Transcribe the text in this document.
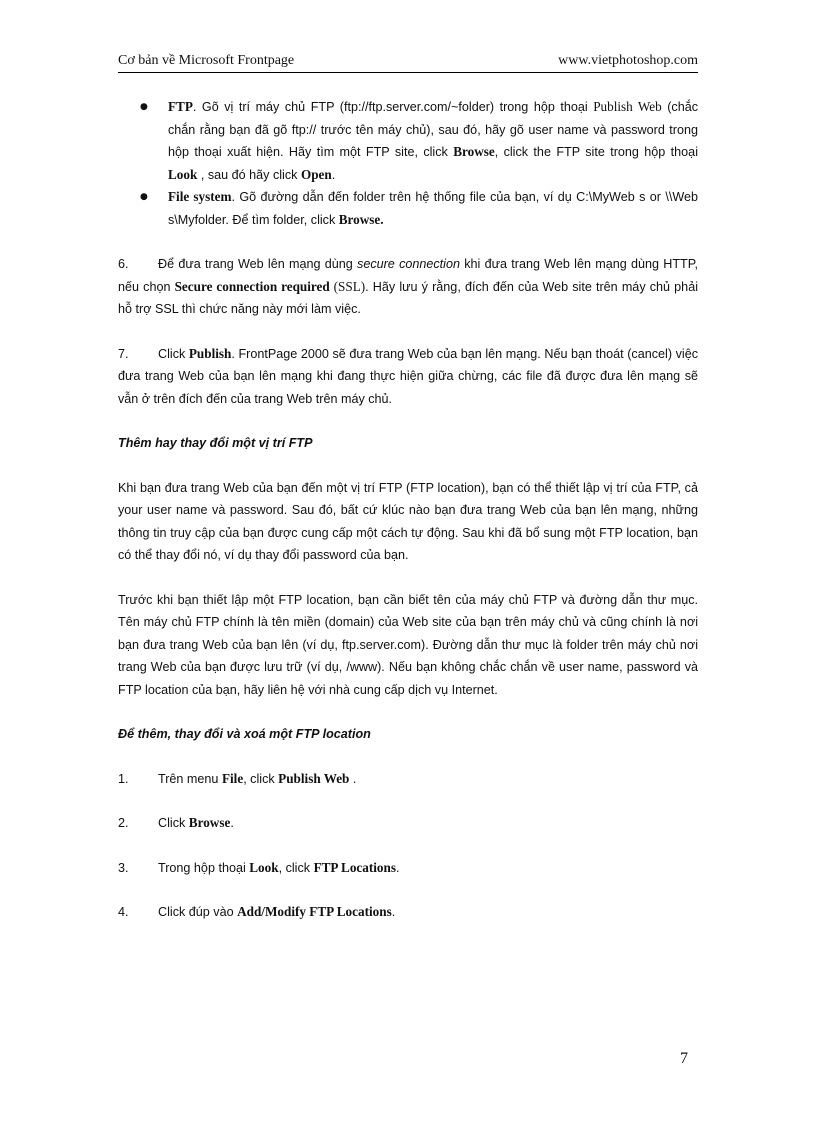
Cơ bản về Microsoft Frontpage	www.vietphotoshop.com

● FTP. Gõ vị trí máy chủ FTP (ftp://ftp.server.com/~folder) trong hộp thoại Publish Web (chắc chắn rằng bạn đã gõ ftp:// trước tên máy chủ), sau đó, hãy gõ user name và password trong hộp thoại xuất hiện. Hãy tìm một FTP site, click Browse, click the FTP site trong hộp thoại Look , sau đó hãy click Open.

● File system. Gõ đường dẫn đến folder trên hệ thống file của bạn, ví dụ C:\MyWeb s or \\Web s\Myfolder. Để tìm folder, click Browse.

6. Để đưa trang Web lên mạng dùng secure connection khi đưa trang Web lên mạng dùng HTTP, nếu chọn Secure connection required (SSL). Hãy lưu ý rằng, đích đến của Web site trên máy chủ phải hỗ trợ SSL thì chức năng này mới làm việc.

7. Click Publish. FrontPage 2000 sẽ đưa trang Web của bạn lên mạng. Nếu bạn thoát (cancel) việc đưa trang Web của bạn lên mạng khi đang thực hiện giữa chừng, các file đã được đưa lên mạng sẽ vẫn ở trên đích đến của trang Web trên máy chủ.

Thêm hay thay đổi một vị trí FTP

Khi bạn đưa trang Web của bạn đến một vị trí FTP (FTP location), bạn có thể thiết lập vị trí của FTP, cả your user name và password. Sau đó, bất cứ klúc nào bạn đưa trang Web của bạn lên mạng, những thông tin truy cập của bạn được cung cấp một cách tự động. Sau khi đã bổ sung một FTP location, bạn có thể thay đổi nó, ví dụ thay đổi password của bạn.

Trước khi bạn thiết lập một FTP location, bạn cần biết tên của máy chủ FTP và đường dẫn thư mục. Tên máy chủ FTP chính là tên miền (domain) của Web site của bạn trên máy chủ và cũng chính là nơi bạn đưa trang Web của bạn lên (ví dụ, ftp.server.com). Đường dẫn thư mục là folder trên máy chủ nơi trang Web của bạn được lưu trữ (ví dụ, /www). Nếu bạn không chắc chắn về user name, password và FTP location của bạn, hãy liên hệ với nhà cung cấp dịch vụ Internet.

Để thêm, thay đổi và xoá một FTP location

1. Trên menu File, click Publish Web .

2. Click Browse.

3. Trong hộp thoại Look, click FTP Locations.

4. Click đúp vào Add/Modify FTP Locations.

7
